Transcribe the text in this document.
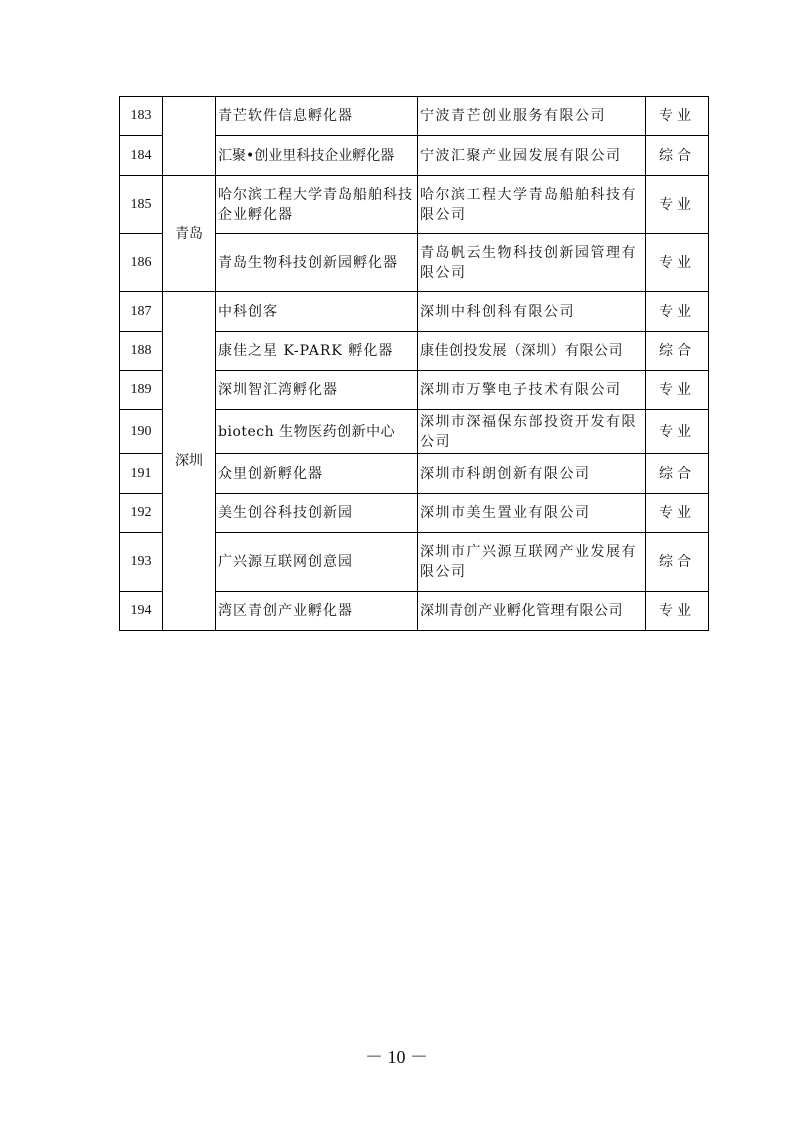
183		青芒软件信息孵化器	宁波青芒创业服务有限公司	专业
184		汇聚•创业里科技企业孵化器	宁波汇聚产业园发展有限公司	综合
185	青岛	哈尔滨工程大学青岛船舶科技企业孵化器	哈尔滨工程大学青岛船舶科技有限公司	专业
186		青岛生物科技创新园孵化器	青岛帆云生物科技创新园管理有限公司	专业
187	深圳	中科创客	深圳中科创科有限公司	专业
188		康佳之星 K-PARK 孵化器	康佳创投发展（深圳）有限公司	综合
189		深圳智汇湾孵化器	深圳市万擎电子技术有限公司	专业
190		biotech 生物医药创新中心	深圳市深福保东部投资开发有限公司	专业
191		众里创新孵化器	深圳市科朗创新有限公司	综合
192		美生创谷科技创新园	深圳市美生置业有限公司	专业
193		广兴源互联网创意园	深圳市广兴源互联网产业发展有限公司	综合
194		湾区青创产业孵化器	深圳青创产业孵化管理有限公司	专业
－ 10 －
